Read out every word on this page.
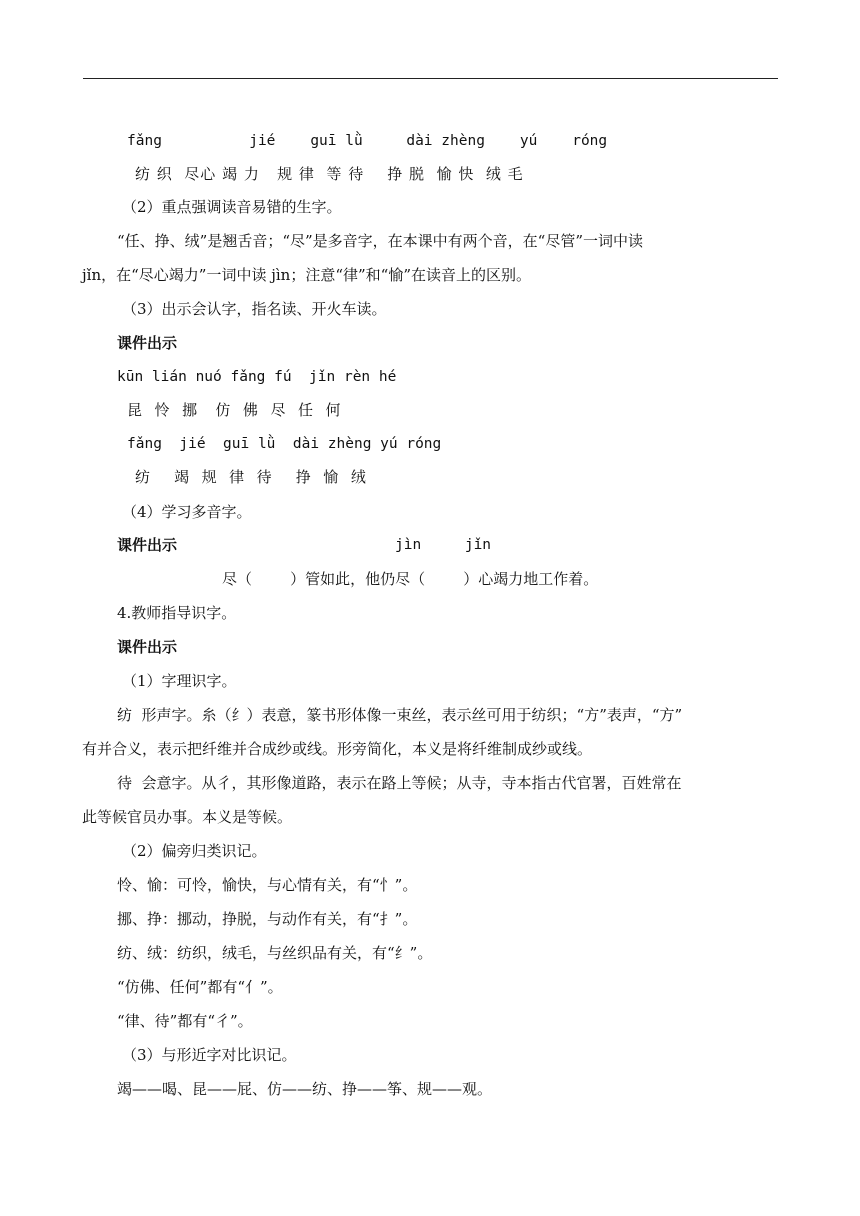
fǎng          jié    guī lǜ     dài zhèng    yú    róng
纺 织  尽心 竭 力   规 律  等 待    挣 脱  愉 快  绒 毛
（2）重点强调读音易错的生字。
“任、挣、绒”是翘舌音；“尽”是多音字，在本课中有两个音，在“尽管”一词中读
jǐn，在“尽心竭力”一词中读 jìn；注意“律”和“愉”在读音上的区别。
（3）出示会认字，指名读、开火车读。
课件出示
kūn lián nuó fǎng fú  jǐn rèn hé
昆  怜  挪   仿  佛  尽  任  何
fǎng  jié  guī lǜ  dài zhèng yú róng
纺    竭  规  律  待    挣  愉  绒
（4）学习多音字。
课件出示	jìn     jǐn
尽（        ）管如此，他仍尽（        ）心竭力地工作着。
4.教师指导识字。
课件出示
（1）字理识字。
纺  形声字。糸（纟）表意，篆书形体像一束丝，表示丝可用于纺织；“方”表声，“方”
有并合义，表示把纤维并合成纱或线。形旁简化，本义是将纤维制成纱或线。
待  会意字。从彳，其形像道路，表示在路上等候；从寺，寺本指古代官署，百姓常在
此等候官员办事。本义是等候。
（2）偏旁归类识记。
怜、愉：可怜，愉快，与心情有关，有“忄”。
挪、挣：挪动，挣脱，与动作有关，有“扌”。
纺、绒：纺织，绒毛，与丝织品有关，有“纟”。
“仿佛、任何”都有“亻”。
“律、待”都有“彳”。
（3）与形近字对比识记。
竭——喝、昆——屁、仿——纺、挣——筝、规——观。
